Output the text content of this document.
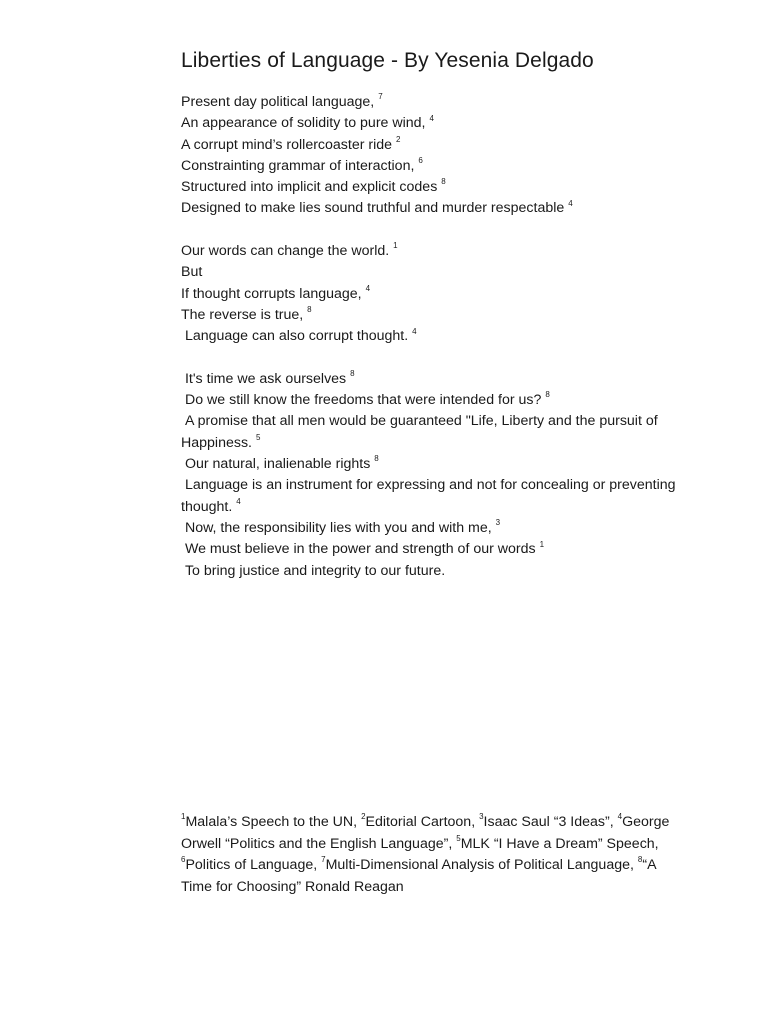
Liberties of Language - By Yesenia Delgado
Present day political language, $^7$
An appearance of solidity to pure wind, $^4$
A corrupt mind’s rollercoaster ride $^2$
Constrainting grammar of interaction, $^6$
Structured into implicit and explicit codes $^8$
Designed to make lies sound truthful and murder respectable $^4$
Our words can change the world. $^1$
But
If thought corrupts language, $^4$
The reverse is true, $^8$
Language can also corrupt thought. $^4$
It's time we ask ourselves $^8$
Do we still know the freedoms that were intended for us? $^8$
A promise that all men would be guaranteed "Life, Liberty and the pursuit of Happiness. $^5$
Our natural, inalienable rights $^8$
Language is an instrument for expressing and not for concealing or preventing thought. $^4$
Now, the responsibility lies with you and with me, $^3$
We must believe in the power and strength of our words $^1$
To bring justice and integrity to our future.
$^1$Malala’s Speech to the UN, $^2$Editorial Cartoon, $^3$Isaac Saul “3 Ideas”, $^4$George Orwell “Politics and the English Language”, $^5$MLK “I Have a Dream” Speech, $^6$Politics of Language, $^7$Multi-Dimensional Analysis of Political Language, $^8$“A Time for Choosing” Ronald Reagan
